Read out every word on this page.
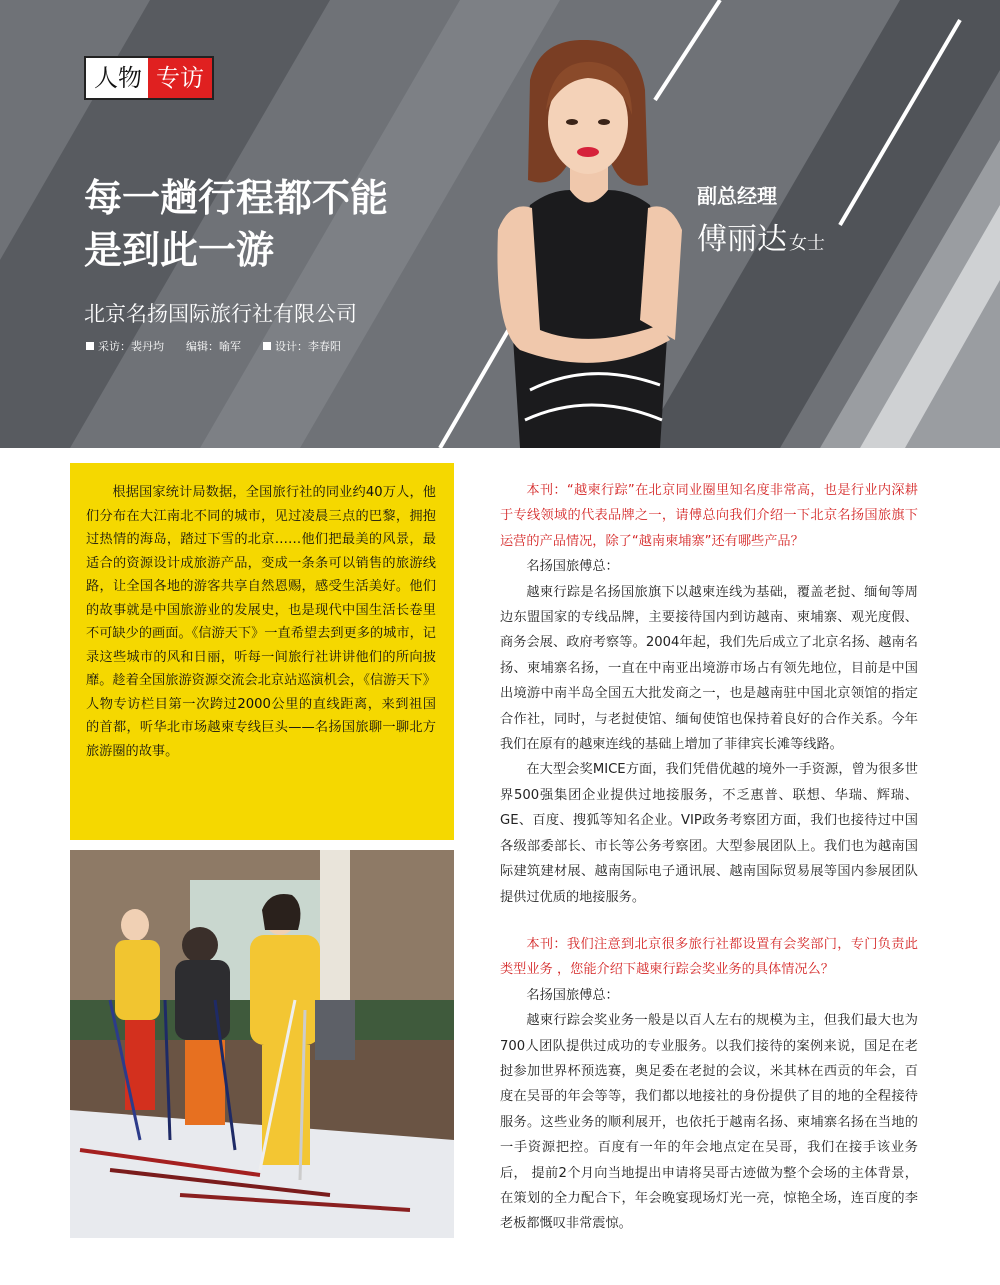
人物 专访
每一趟行程都不能
是到此一游
北京名扬国际旅行社有限公司
采访：裴丹均 编辑：喻军	设计：李春阳
副总经理
傅丽达 女士

根据国家统计局数据，全国旅行社的同业约40万人，他们分布在大江南北不同的城市，见过凌晨三点的巴黎，拥抱过热情的海岛，踏过下雪的北京……他们把最美的风景，最适合的资源设计成旅游产品，变成一条条可以销售的旅游线路，让全国各地的游客共享自然恩赐，感受生活美好。他们的故事就是中国旅游业的发展史，也是现代中国生活长卷里不可缺少的画面。《信游天下》一直希望去到更多的城市，记录这些城市的风和日丽，听每一间旅行社讲讲他们的所向披靡。趁着全国旅游资源交流会北京站巡演机会，《信游天下》人物专访栏目第一次跨过2000公里的直线距离，来到祖国的首都，听华北市场越柬专线巨头——名扬国旅聊一聊北方旅游圈的故事。

本刊：“越柬行踪”在北京同业圈里知名度非常高，也是行业内深耕于专线领域的代表品牌之一，请傅总向我们介绍一下北京名扬国旅旗下运营的产品情况，除了“越南柬埔寨”还有哪些产品？

名扬国旅傅总：

越柬行踪是名扬国旅旗下以越柬连线为基础，覆盖老挝、缅甸等周边东盟国家的专线品牌，主要接待国内到访越南、柬埔寨、观光度假、商务会展、政府考察等。2004年起，我们先后成立了北京名扬、越南名扬、柬埔寨名扬，一直在中南亚出境游市场占有领先地位，目前是中国出境游中南半岛全国五大批发商之一，也是越南驻中国北京领馆的指定合作社，同时，与老挝使馆、缅甸使馆也保持着良好的合作关系。今年我们在原有的越柬连线的基础上增加了菲律宾长滩等线路。

在大型会奖MICE方面，我们凭借优越的境外一手资源，曾为很多世界500强集团企业提供过地接服务，不乏惠普、联想、华瑞、辉瑞、GE、百度、搜狐等知名企业。VIP政务考察团方面，我们也接待过中国各级部委部长、市长等公务考察团。大型参展团队上。我们也为越南国际建筑建材展、越南国际电子通讯展、越南国际贸易展等国内参展团队提供过优质的地接服务。

本刊：我们注意到北京很多旅行社都设置有会奖部门，专门负责此类型业务 ，您能介绍下越柬行踪会奖业务的具体情况么？

名扬国旅傅总：

越柬行踪会奖业务一般是以百人左右的规模为主，但我们最大也为700人团队提供过成功的专业服务。以我们接待的案例来说，国足在老挝参加世界杯预选赛，奥足委在老挝的会议，米其林在西贡的年会，百度在吴哥的年会等等，我们都以地接社的身份提供了目的地的全程接待服务。这些业务的顺利展开，也依托于越南名扬、柬埔寨名扬在当地的一手资源把控。百度有一年的年会地点定在吴哥，我们在接手该业务后， 提前2个月向当地提出申请将吴哥古迹做为整个会场的主体背景，在策划的全力配合下，年会晚宴现场灯光一亮，惊艳全场，连百度的李老板都慨叹非常震惊。
